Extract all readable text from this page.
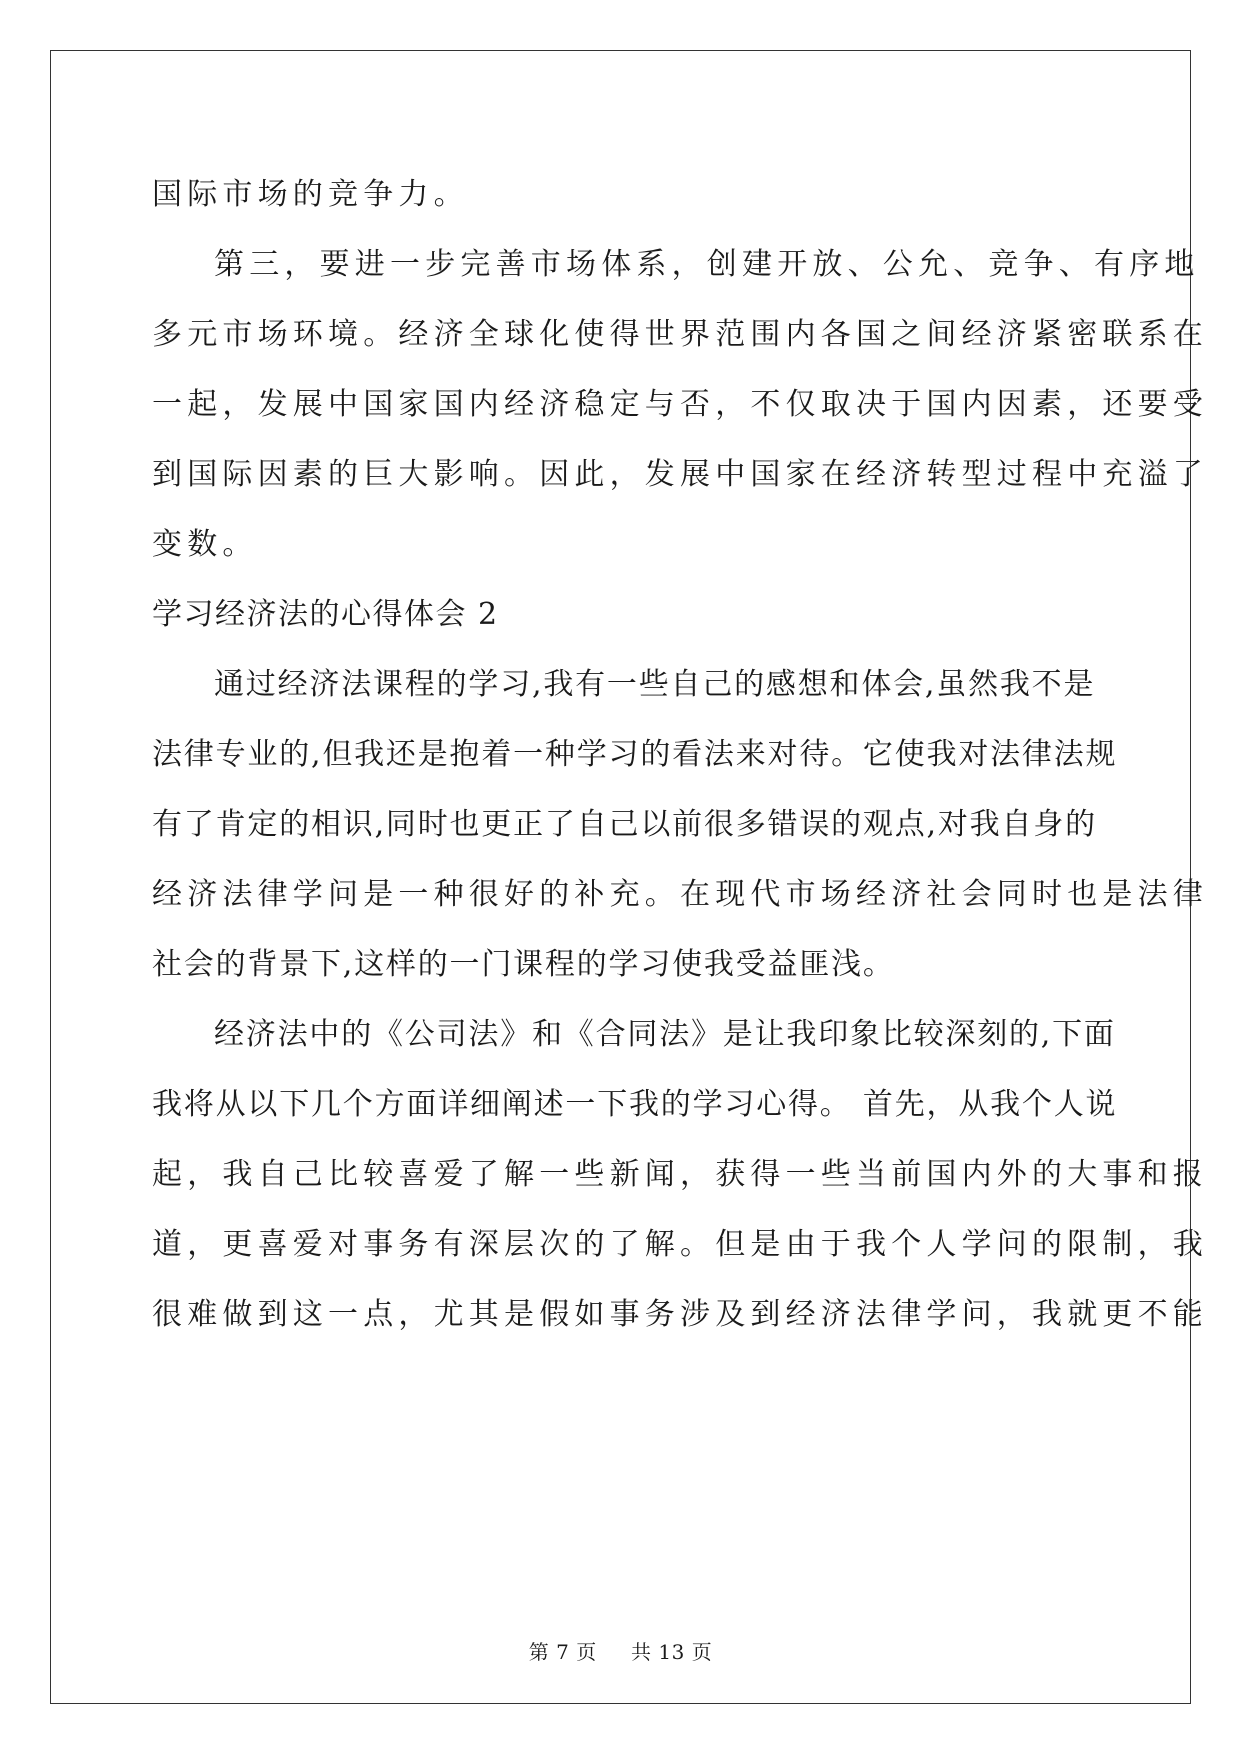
国际市场的竞争力。
第三，要进一步完善市场体系，创建开放、公允、竞争、有序地
多元市场环境。经济全球化使得世界范围内各国之间经济紧密联系在
一起，发展中国家国内经济稳定与否，不仅取决于国内因素，还要受
到国际因素的巨大影响。因此，发展中国家在经济转型过程中充溢了
变数。
学习经济法的心得体会 2
通过经济法课程的学习,我有一些自己的感想和体会,虽然我不是
法律专业的,但我还是抱着一种学习的看法来对待。它使我对法律法规
有了肯定的相识,同时也更正了自己以前很多错误的观点,对我自身的
经济法律学问是一种很好的补充。在现代市场经济社会同时也是法律
社会的背景下,这样的一门课程的学习使我受益匪浅。
经济法中的《公司法》和《合同法》是让我印象比较深刻的,下面
我将从以下几个方面详细阐述一下我的学习心得。 首先，从我个人说
起，我自己比较喜爱了解一些新闻，获得一些当前国内外的大事和报
道，更喜爱对事务有深层次的了解。但是由于我个人学问的限制，我
很难做到这一点，尤其是假如事务涉及到经济法律学问，我就更不能
第 7 页 共 13 页
